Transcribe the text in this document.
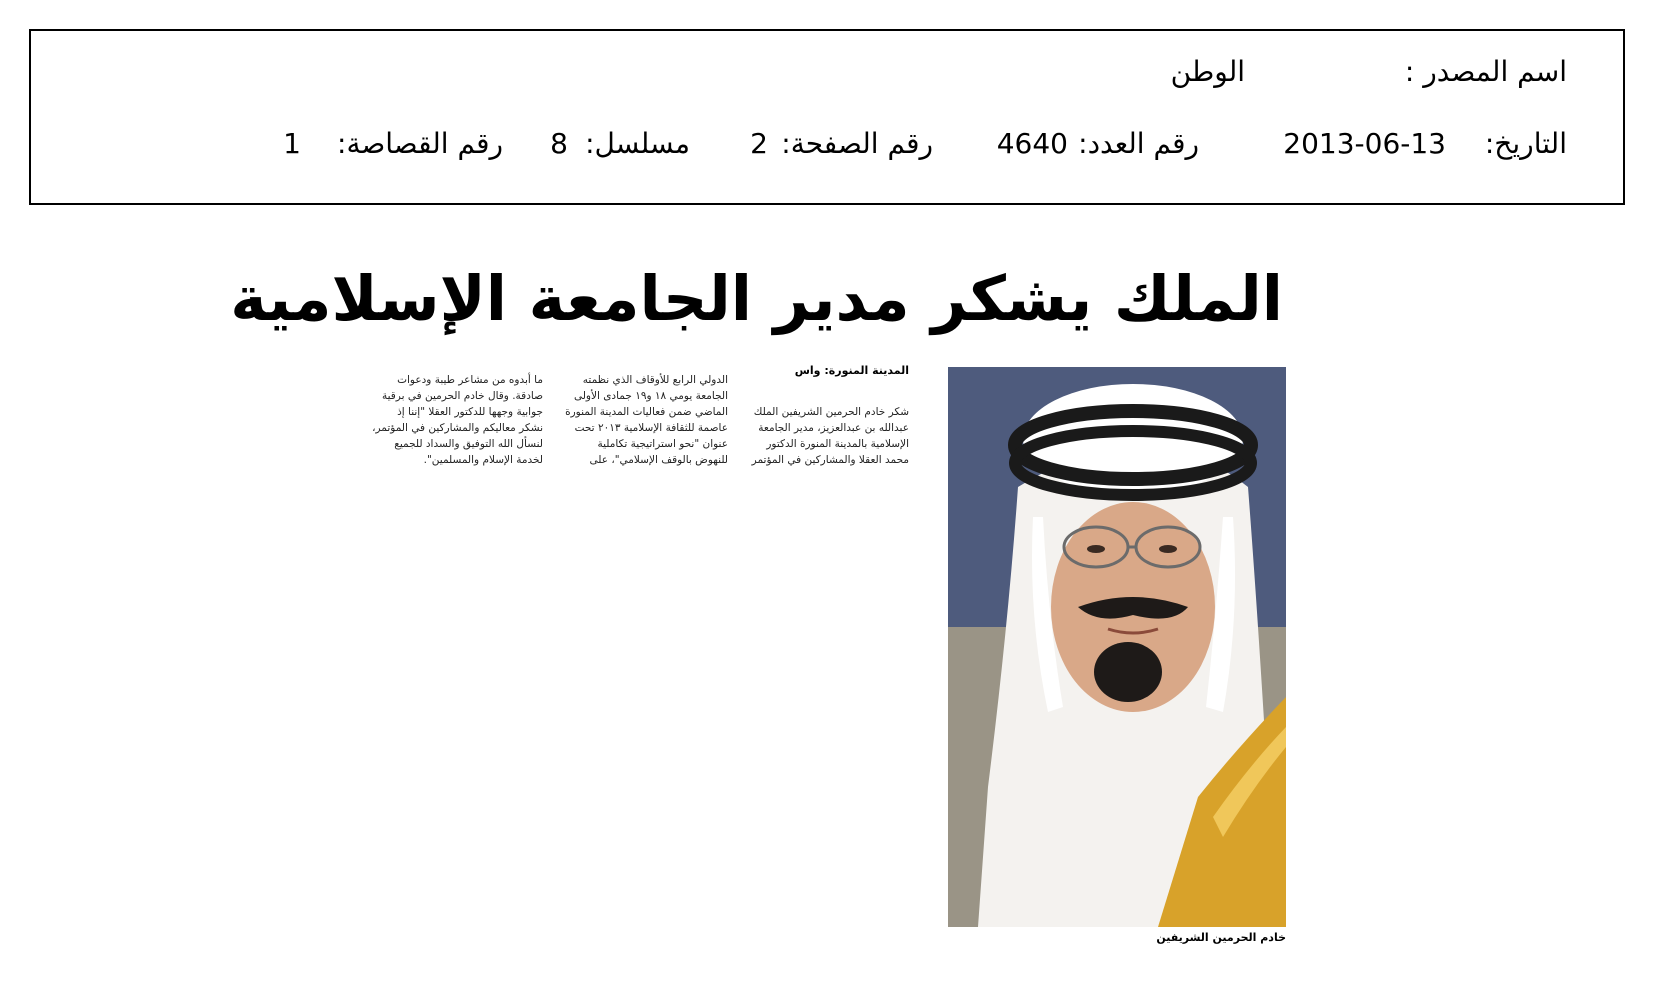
اسم المصدر :
الوطن
التاريخ:
2013-06-13
رقم العدد:
4640
رقم الصفحة:
2
مسلسل:
8
رقم القصاصة:
1
الملك يشكر مدير الجامعة الإسلامية
خادم الحرمين الشريفين
المدينة المنورة: واس
شكر خادم الحرمين الشريفين الملك
عبدالله بن عبدالعزيز، مدير الجامعة
الإسلامية بالمدينة المنورة الدكتور
محمد العقلا والمشاركين في المؤتمر
الدولي الرابع للأوقاف الذي نظمته
الجامعة يومي ١٨ و١٩ جمادى الأولى
الماضي ضمن فعاليات المدينة المنورة
عاصمة للثقافة الإسلامية ٢٠١٣ تحت
عنوان "نحو استراتيجية تكاملية
للنهوض بالوقف الإسلامي"، على
ما أبدوه من مشاعر طيبة ودعوات
صادقة. وقال خادم الحرمين في برقية
جوابية وجهها للدكتور العقلا "إننا إذ
نشكر معاليكم والمشاركين في المؤتمر،
لنسأل الله التوفيق والسداد للجميع
لخدمة الإسلام والمسلمين".
